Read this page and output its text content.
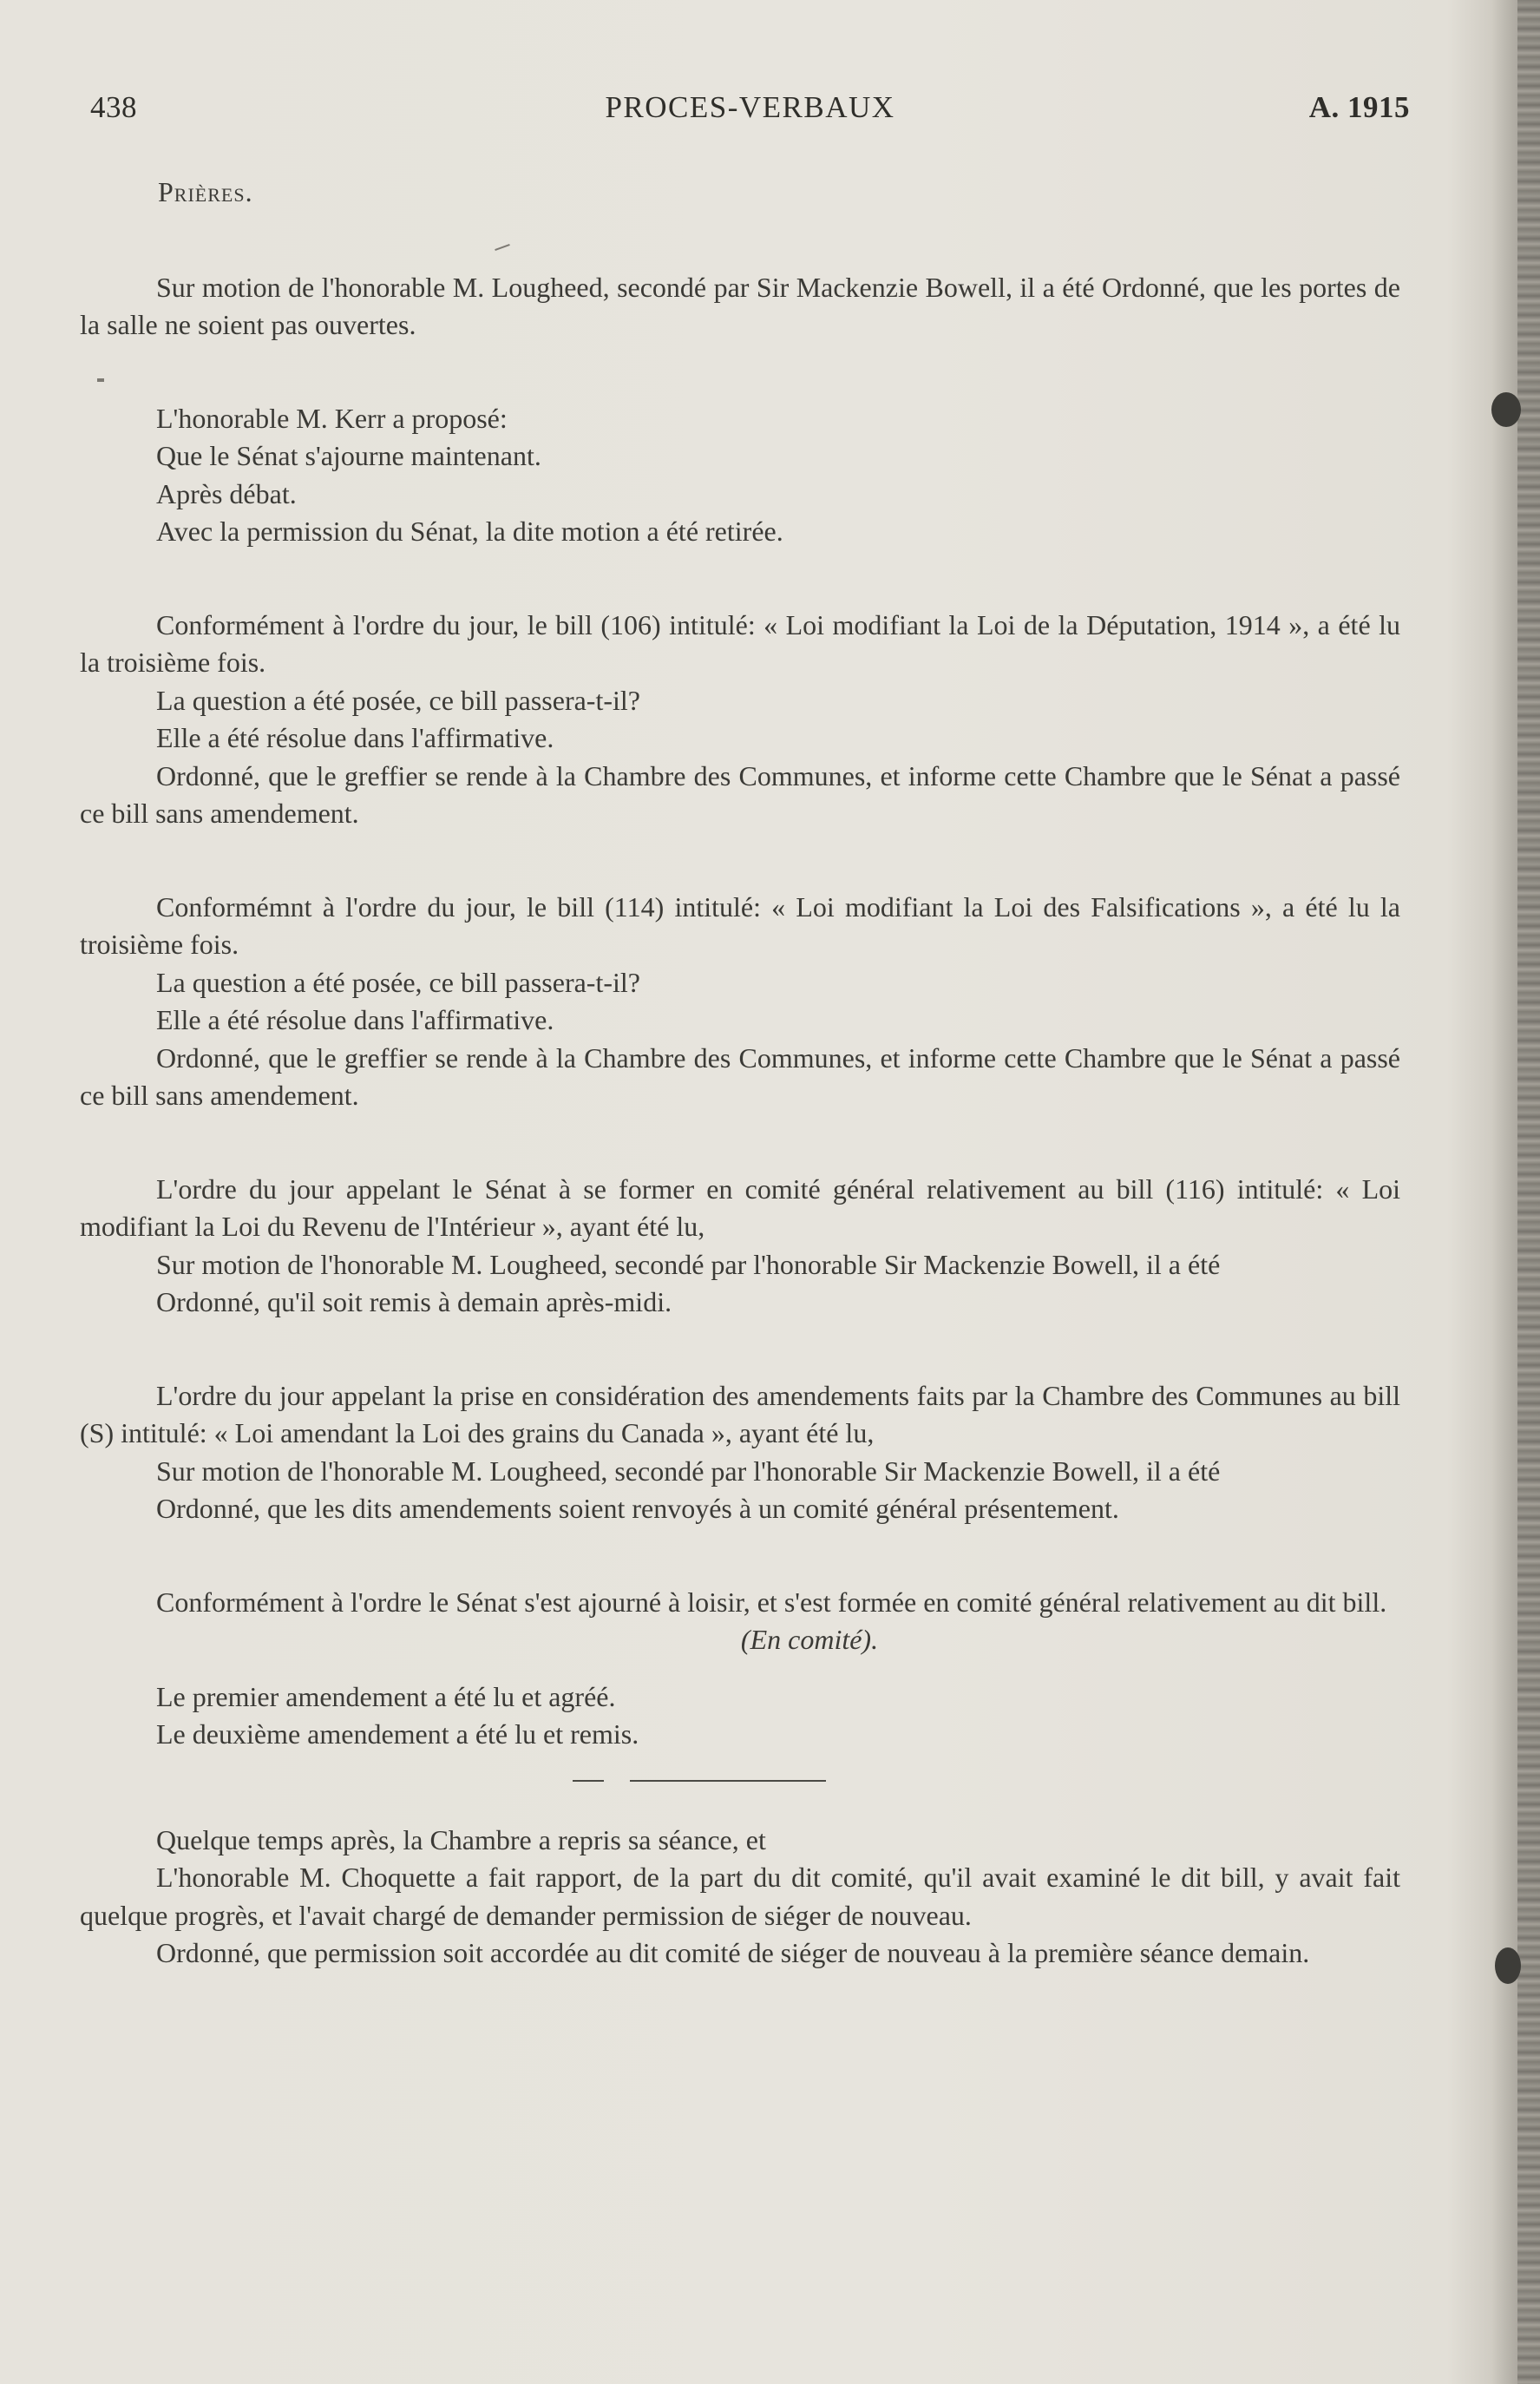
438	PROCES-VERBAUX	A. 1915

Prières.

Sur motion de l'honorable M. Lougheed, secondé par Sir Mackenzie Bowell, il a été Ordonné, que les portes de la salle ne soient pas ouvertes.

L'honorable M. Kerr a proposé:

Que le Sénat s'ajourne maintenant.

Après débat.

Avec la permission du Sénat, la dite motion a été retirée.

Conformément à l'ordre du jour, le bill (106) intitulé: « Loi modifiant la Loi de la Députation, 1914 », a été lu la troisième fois.

La question a été posée, ce bill passera-t-il?

Elle a été résolue dans l'affirmative.

Ordonné, que le greffier se rende à la Chambre des Communes, et informe cette Chambre que le Sénat a passé ce bill sans amendement.

Conformémnt à l'ordre du jour, le bill (114) intitulé: « Loi modifiant la Loi des Falsifications », a été lu la troisième fois.

La question a été posée, ce bill passera-t-il?

Elle a été résolue dans l'affirmative.

Ordonné, que le greffier se rende à la Chambre des Communes, et informe cette Chambre que le Sénat a passé ce bill sans amendement.

L'ordre du jour appelant le Sénat à se former en comité général relativement au bill (116) intitulé: « Loi modifiant la Loi du Revenu de l'Intérieur », ayant été lu,

Sur motion de l'honorable M. Lougheed, secondé par l'honorable Sir Mackenzie Bowell, il a été

Ordonné, qu'il soit remis à demain après-midi.

L'ordre du jour appelant la prise en considération des amendements faits par la Chambre des Communes au bill (S) intitulé: « Loi amendant la Loi des grains du Canada », ayant été lu,

Sur motion de l'honorable M. Lougheed, secondé par l'honorable Sir Mackenzie Bowell, il a été

Ordonné, que les dits amendements soient renvoyés à un comité général présentement.

Conformément à l'ordre le Sénat s'est ajourné à loisir, et s'est formée en comité général relativement au dit bill.

(En comité).

Le premier amendement a été lu et agréé.

Le deuxième amendement a été lu et remis.

Quelque temps après, la Chambre a repris sa séance, et

L'honorable M. Choquette a fait rapport, de la part du dit comité, qu'il avait examiné le dit bill, y avait fait quelque progrès, et l'avait chargé de demander permission de siéger de nouveau.

Ordonné, que permission soit accordée au dit comité de siéger de nouveau à la première séance demain.
